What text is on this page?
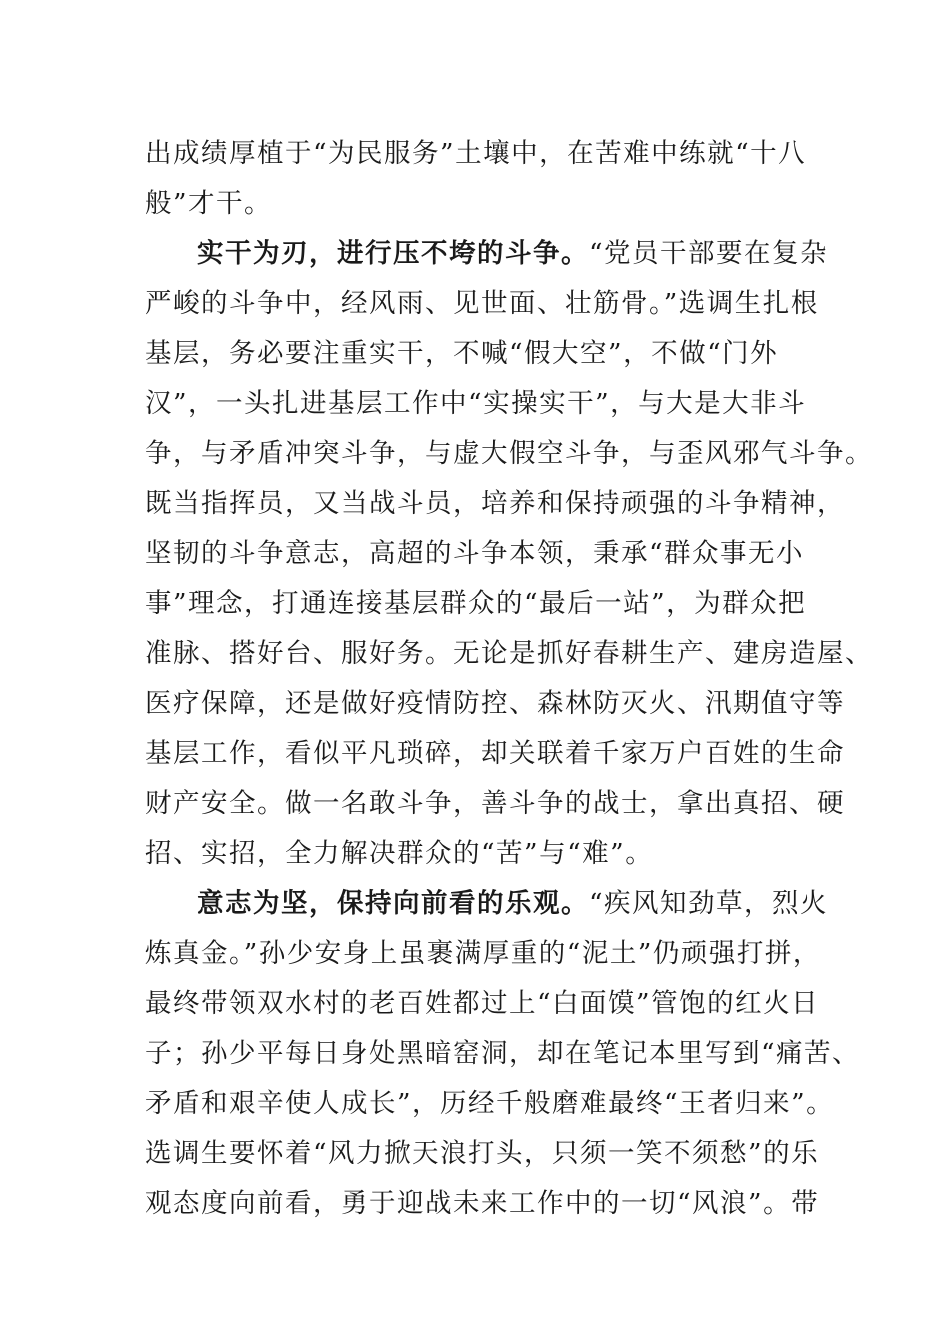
出成绩厚植于“为民服务”土壤中，在苦难中练就“十八
般”才干。
实干为刃，进行压不垮的斗争。“党员干部要在复杂
严峻的斗争中，经风雨、见世面、壮筋骨。”选调生扎根
基层，务必要注重实干，不喊“假大空”，不做“门外
汉”，一头扎进基层工作中“实操实干”，与大是大非斗
争，与矛盾冲突斗争，与虚大假空斗争，与歪风邪气斗争。
既当指挥员，又当战斗员，培养和保持顽强的斗争精神，
坚韧的斗争意志，高超的斗争本领，秉承“群众事无小
事”理念，打通连接基层群众的“最后一站”，为群众把
准脉、搭好台、服好务。无论是抓好春耕生产、建房造屋、
医疗保障，还是做好疫情防控、森林防灭火、汛期值守等
基层工作，看似平凡琐碎，却关联着千家万户百姓的生命
财产安全。做一名敢斗争，善斗争的战士，拿出真招、硬
招、实招，全力解决群众的“苦”与“难”。
意志为坚，保持向前看的乐观。“疾风知劲草，烈火
炼真金。”孙少安身上虽裹满厚重的“泥土”仍顽强打拼，
最终带领双水村的老百姓都过上“白面馍”管饱的红火日
子；孙少平每日身处黑暗窑洞，却在笔记本里写到“痛苦、
矛盾和艰辛使人成长”，历经千般磨难最终“王者归来”。
选调生要怀着“风力掀天浪打头，只须一笑不须愁”的乐
观态度向前看，勇于迎战未来工作中的一切“风浪”。带
